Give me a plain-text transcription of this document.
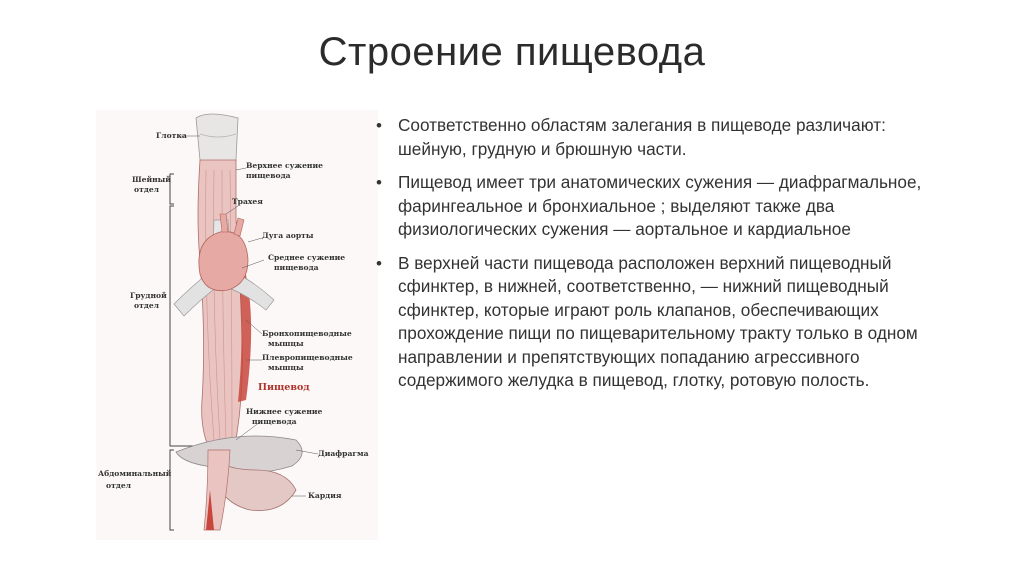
Строение пищевода
Глотка
Верхнее сужение
пищевода
Шейный
отдел
Трахея
Дуга аорты
Среднее сужение
пищевода
Грудной
отдел
Бронхопищеводные
мышцы
Плевропищеводные
мышцы
Пищевод
Нижнее сужение
пищевода
Диафрагма
Абдоминальный
отдел
Кардия
• Соответственно областям залегания в пищеводе различают: шейную, грудную и брюшную части.
• Пищевод имеет три анатомических сужения — диафрагмальное, фарингеальное и бронхиальное ; выделяют также два физиологических сужения — аортальное и кардиальное
• В верхней части пищевода расположен верхний пищеводный сфинктер, в нижней, соответственно, — нижний пищеводный сфинктер, которые играют роль клапанов, обеспечивающих прохождение пищи по пищеварительному тракту только в одном направлении и препятствующих попаданию агрессивного содержимого желудка в пищевод, глотку, ротовую полость.
